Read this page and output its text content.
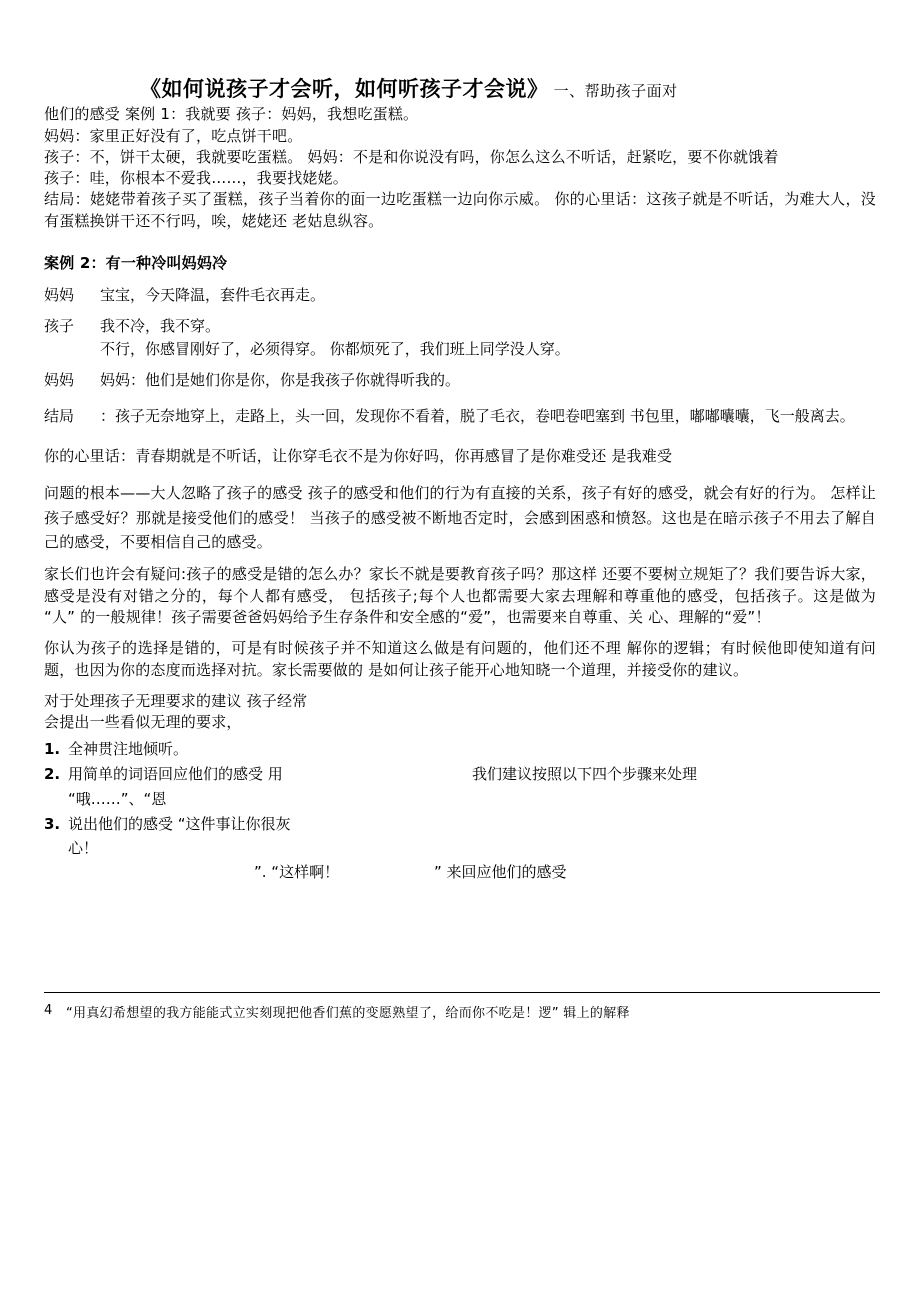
《如何说孩子才会听，如何听孩子才会说》 一、帮助孩子面对

他们的感受 案例 1：我就要 孩子：妈妈，我想吃蛋糕。

妈妈：家里正好没有了，吃点饼干吧。

孩子：不，饼干太硬，我就要吃蛋糕。 妈妈：不是和你说没有吗，你怎么这么不听话，赶紧吃，要不你就饿着

孩子：哇，你根本不爱我……，我要找姥姥。

结局：姥姥带着孩子买了蛋糕，孩子当着你的面一边吃蛋糕一边向你示威。 你的心里话：这孩子就是不听话，为难大人，没有蛋糕换饼干还不行吗，唉，姥姥还 老姑息纵容。

案例 2：有一种冷叫妈妈冷

妈妈	宝宝，今天降温，套件毛衣再走。
孩子	我不冷，我不穿。
不行，你感冒刚好了，必须得穿。 你都烦死了，我们班上同学没人穿。
妈妈	妈妈：他们是她们你是你，你是我孩子你就得听我的。
结局	：孩子无奈地穿上，走路上，头一回，发现你不看着，脱了毛衣，卷吧卷吧塞到 书包里，嘟嘟囔囔，飞一般离去。

你的心里话：青春期就是不听话，让你穿毛衣不是为你好吗，你再感冒了是你难受还 是我难受

问题的根本——大人忽略了孩子的感受 孩子的感受和他们的行为有直接的关系，孩子有好的感受，就会有好的行为。 怎样让孩子感受好？那就是接受他们的感受！ 当孩子的感受被不断地否定时，会感到困惑和愤怒。这也是在暗示孩子不用去了解自 己的感受，不要相信自己的感受。

家长们也许会有疑问:孩子的感受是错的怎么办？家长不就是要教育孩子吗？那这样 还要不要树立规矩了？我们要告诉大家，感受是没有对错之分的，每个人都有感受， 包括孩子;每个人也都需要大家去理解和尊重他的感受，包括孩子。这是做为 “人” 的一般规律！孩子需要爸爸妈妈给予生存条件和安全感的“爱”，也需要来自尊重、关 心、理解的“爱”！

你认为孩子的选择是错的，可是有时候孩子并不知道这么做是有问题的，他们还不理 解你的逻辑；有时候他即使知道有问题，也因为你的态度而选择对抗。家长需要做的 是如何让孩子能开心地知晓一个道理，并接受你的建议。

对于处理孩子无理要求的建议 孩子经常

会提出一些看似无理的要求，

1. 全神贯注地倾听。
2. 用简单的词语回应他们的感受 用	我们建议按照以下四个步骤来处理
“哦……”、“恩
3. 说出他们的感受 “这件事让你很灰
心！
”. “这样啊！	” 来回应他们的感受
4 “用真幻希想望的我方能能式立实刻现把他香们蕉的变愿熟望了，给而你不吃是！逻” 辑上的解释
